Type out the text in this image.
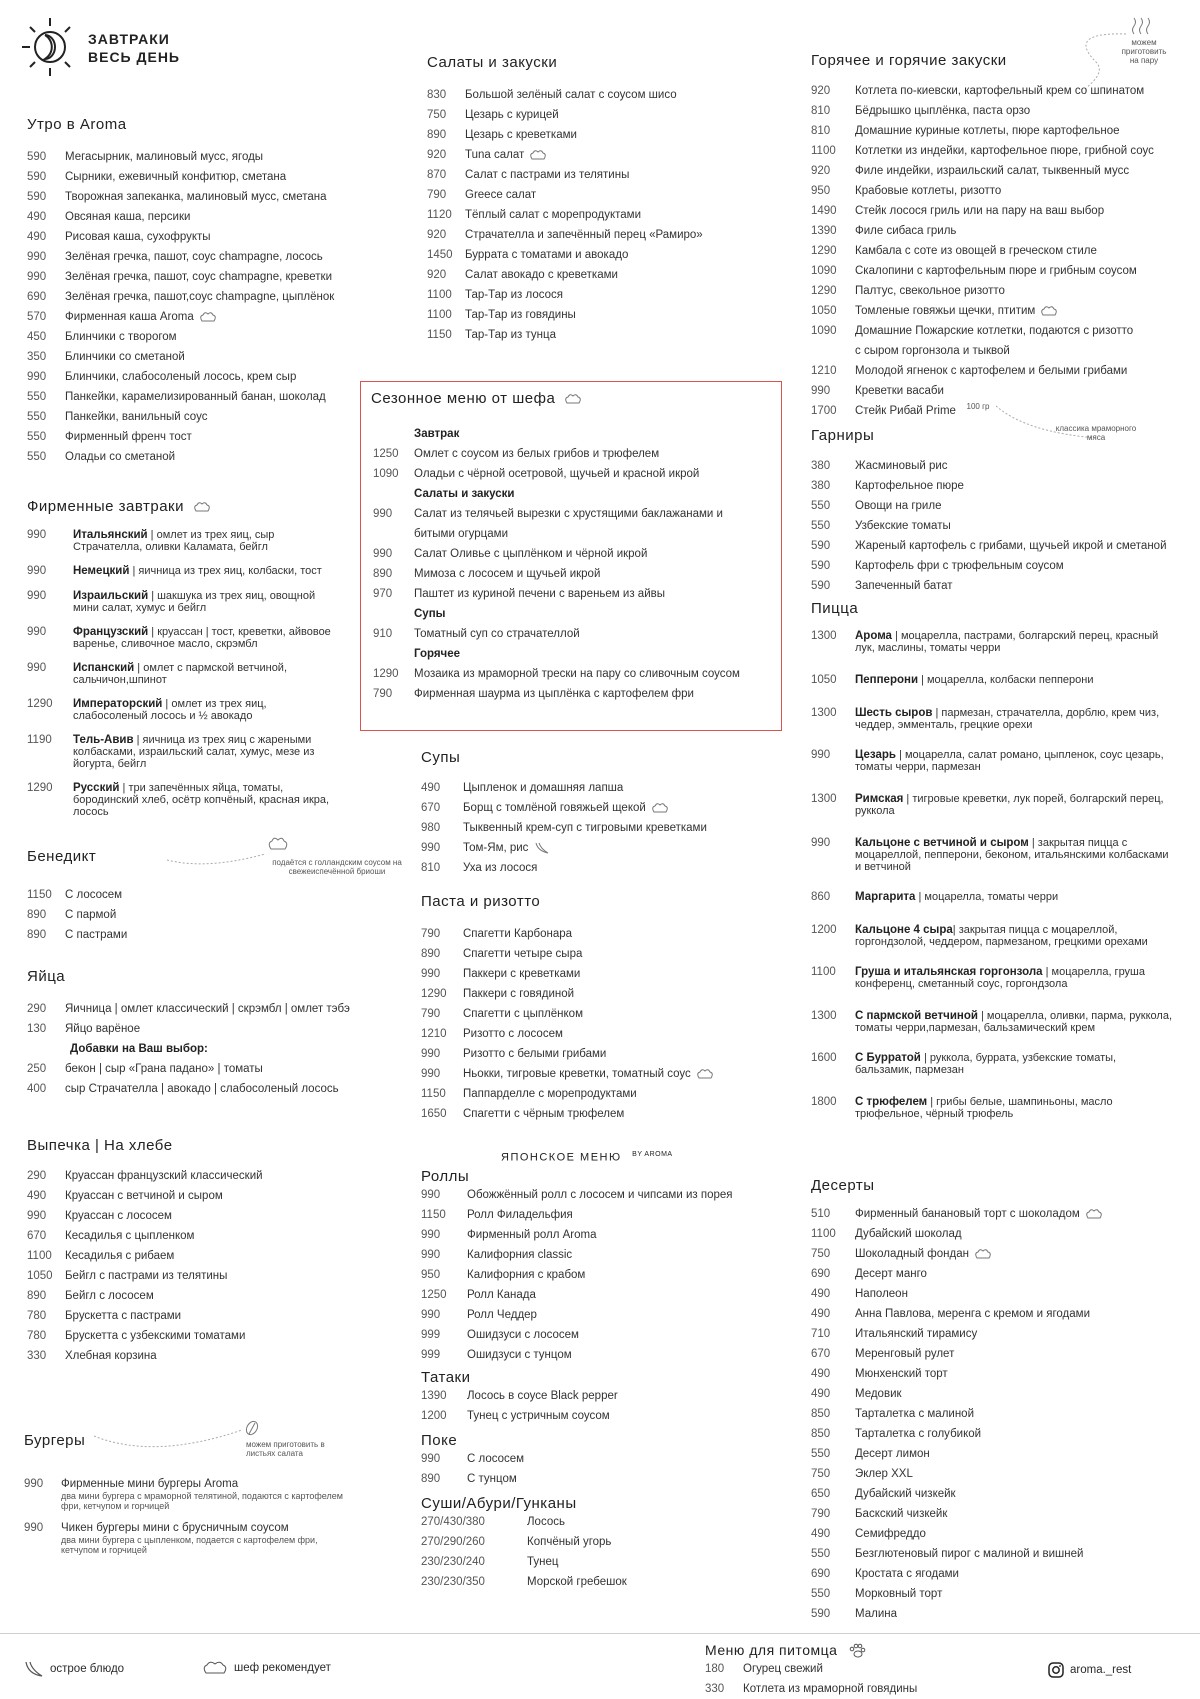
ЗАВТРАКИ
ВЕСЬ ДЕНЬ
Утро в Aroma
590	Мегасырник, малиновый мусс, ягоды
590	Сырники, ежевичный конфитюр, сметана
590	Творожная запеканка, малиновый мусс, сметана
490	Овсяная каша, персики
490	Рисовая каша, сухофрукты
990	Зелёная гречка, пашот, соус champagne, лосось
990	Зелёная гречка, пашот, соус champagne, креветки
690	Зелёная гречка, пашот,соус champagne, цыплёнок
570	Фирменная каша Aroma
450	Блинчики с творогом
350	Блинчики со сметаной
990	Блинчики, слабосоленый лосось, крем сыр
550	Панкейки, карамелизированный банан, шоколад
550	Панкейки, ванильный соус
550	Фирменный френч тост
550	Оладьи со сметаной
Фирменные завтраки
990	Итальянский | омлет из трех яиц, сыр Страчателла, оливки Каламата, бейгл
990	Немецкий | яичница из трех яиц, колбаски, тост
990	Израильский | шакшука из трех яиц, овощной мини салат, хумус и бейгл
990	Французский | круассан | тост, креветки, айвовое варенье, сливочное масло, скрэмбл
990	Испанский | омлет с пармской ветчиной, сальчичон,шпинот
1290	Императорский | омлет из трех яиц, слабосоленый лосось и ½ авокадо
1190	Тель-Авив | яичница из трех яиц с жареными колбасками, израильский салат, хумус, мезе из йогурта, бейгл
1290	Русский | три запечённых яйца, томаты, бородинский хлеб, осётр копчёный, красная икра, лосось
Бенедикт	подаётся с голландским соусом на свежеиспечённой бриоши
1150	С лососем
890	С пармой
890	С пастрами
Яйца
290	Яичница | омлет классический | скрэмбл | омлет тэбэ
130	Яйцо варёное
Добавки на Ваш выбор:
250	бекон | сыр «Грана падано» | томаты
400	сыр Страчателла | авокадо | слабосоленый лосось
Выпечка | На хлебе
290	Круассан французский классический
490	Круассан с ветчиной и сыром
990	Круассан с лососем
670	Кесадилья с цыпленком
1100	Кесадилья с рибаем
1050	Бейгл с пастрами из телятины
890	Бейгл с лососем
780	Брускетта с пастрами
780	Брускетта с узбекскими томатами
330	Хлебная корзина
Бургеры	можем приготовить в листьях салата
990	Фирменные мини бургеры Aroma
два мини бургера с мраморной телятиной, подаются с картофелем фри, кетчупом и горчицей
990	Чикен бургеры мини с брусничным соусом
два мини бургера с цыпленком, подается с картофелем фри, кетчупом и горчицей
Салаты и закуски
830	Большой зелёный салат с соусом шисо
750	Цезарь с курицей
890	Цезарь с креветками
920	Tuna салат
870	Салат с пастрами из телятины
790	Greece салат
1120	Тёплый салат с морепродуктами
920	Страчателла и запечённый перец «Рамиро»
1450	Буррата с томатами и авокадо
920	Салат авокадо с креветками
1100	Тар-Тар из лосося
1100	Тар-Тар из говядины
1150	Тар-Тар из тунца
Сезонное меню от шефа
Завтрак
1250	Омлет с соусом из белых грибов и трюфелем
1090	Оладьи с чёрной осетровой, щучьей и красной икрой
Салаты и закуски
990	Салат из телячьей вырезки с хрустящими баклажанами и
битыми огурцами
990	Салат Оливье с цыплёнком и чёрной икрой
890	Мимоза с лососем и щучьей икрой
970	Паштет из куриной печени с вареньем из айвы
Супы
910	Томатный суп со страчателлой
Горячее
1290	Мозаика из мраморной трески на пару со сливочным соусом
790	Фирменная шаурма из цыплёнка с картофелем фри
Супы
490	Цыпленок и домашняя лапша
670	Борщ с томлёной говяжьей щекой
980	Тыквенный крем-суп с тигровыми креветками
990	Том-Ям, рис
810	Уха из лосося
Паста и ризотто
790	Спагетти Карбонара
890	Спагетти четыре сыра
990	Паккери с креветками
1290	Паккери с говядиной
790	Спагетти с цыплёнком
1210	Ризотто с лососем
990	Ризотто с белыми грибами
990	Ньокки, тигровые креветки, томатный соус
1150	Паппарделле с морепродуктами
1650	Спагетти с чёрным трюфелем
ЯПОНСКОЕ МЕНЮ $^{BY AROMA}$
Роллы
990	Обожжённый ролл с лососем и чипсами из порея
1150	Ролл Филадельфия
990	Фирменный ролл Aroma
990	Калифорния classic
950	Калифорния с крабом
1250	Ролл Канада
990	Ролл Чеддер
999	Ошидзуси с лососем
999	Ошидзуси с тунцом
Татаки
1390	Лосось в соусе Black pepper
1200	Тунец с устричным соусом
Поке
990	С лососем
890	С тунцом
Суши/Абури/Гунканы
270/430/380	Лосось
270/290/260	Копчёный угорь
230/230/240	Тунец
230/230/350	Морской гребешок
Горячее и горячие закуски
можем приготовить на пару
920	Котлета по-киевски, картофельный крем со шпинатом
810	Бёдрышко цыплёнка, паста орзо
810	Домашние куриные котлеты, пюре картофельное
1100	Котлетки из индейки, картофельное пюре, грибной соус
920	Филе индейки, израильский салат, тыквенный мусс
950	Крабовые котлеты, ризотто
1490	Стейк лосося гриль или на пару на ваш выбор
1390	Филе сибаса гриль
1290	Камбала с соте из овощей в греческом стиле
1090	Скалопини с картофельным пюре и грибным соусом
1290	Палтус, свекольное ризотто
1050	Томленые говяжьи щечки, птитим
1090	Домашние Пожарские котлетки, подаются с ризотто
с сыром горгонзола и тыквой
1210	Молодой ягненок с картофелем и белыми грибами
990	Креветки васаби
1700	Стейк Рибай Prime	100 гр
классика мраморного мяса
Гарниры
380	Жасминовый рис
380	Картофельное пюре
550	Овощи на гриле
550	Узбекские томаты
590	Жареный картофель с грибами, щучьей икрой и сметаной
590	Картофель фри с трюфельным соусом
590	Запеченный батат
Пицца
1300	Арома | моцарелла, пастрами, болгарский перец, красный лук, маслины, томаты черри
1050	Пепперони | моцарелла, колбаски пепперони
1300	Шесть сыров | пармезан, страчателла, дорблю, крем чиз, чеддер, эмменталь, грецкие орехи
990	Цезарь | моцарелла, салат романо, цыпленок, соус цезарь, томаты черри, пармезан
1300	Римская | тигровые креветки, лук порей, болгарский перец, руккола
990	Кальцоне с ветчиной и сыром | закрытая пицца с моцареллой, пепперони, беконом, итальянскими колбасками и ветчиной
860	Маргарита | моцарелла, томаты черри
1200	Кальцоне 4 сыра| закрытая пицца с моцареллой, горгондзолой, чеддером, пармезаном, грецкими орехами
1100	Груша и итальянская горгонзола | моцарелла, груша конференц, сметанный соус, горгондзола
1300	С пармской ветчиной | моцарелла, оливки, парма, руккола, томаты черри,пармезан, бальзамический крем
1600	С Бурратой | руккола, буррата, узбекские томаты, бальзамик, пармезан
1800	С трюфелем | грибы белые, шампиньоны, масло трюфельное, чёрный трюфель
Десерты
510	Фирменный банановый торт с шоколадом
1100	Дубайский шоколад
750	Шоколадный фондан
690	Десерт манго
490	Наполеон
490	Анна Павлова, меренга с кремом и ягодами
710	Итальянский тирамису
670	Меренговый рулет
490	Мюнхенский торт
490	Медовик
850	Тарталетка с малиной
850	Тарталетка с голубикой
550	Десерт лимон
750	Эклер XXL
650	Дубайский чизкейк
790	Баскский чизкейк
490	Семифреддо
550	Безглютеновый пирог с малиной и вишней
690	Кростата с ягодами
550	Морковный торт
590	Малина
острое блюдо	шеф рекомендует
Меню для питомца
180	Огурец свежий
330	Котлета из мраморной говядины
aroma._rest
